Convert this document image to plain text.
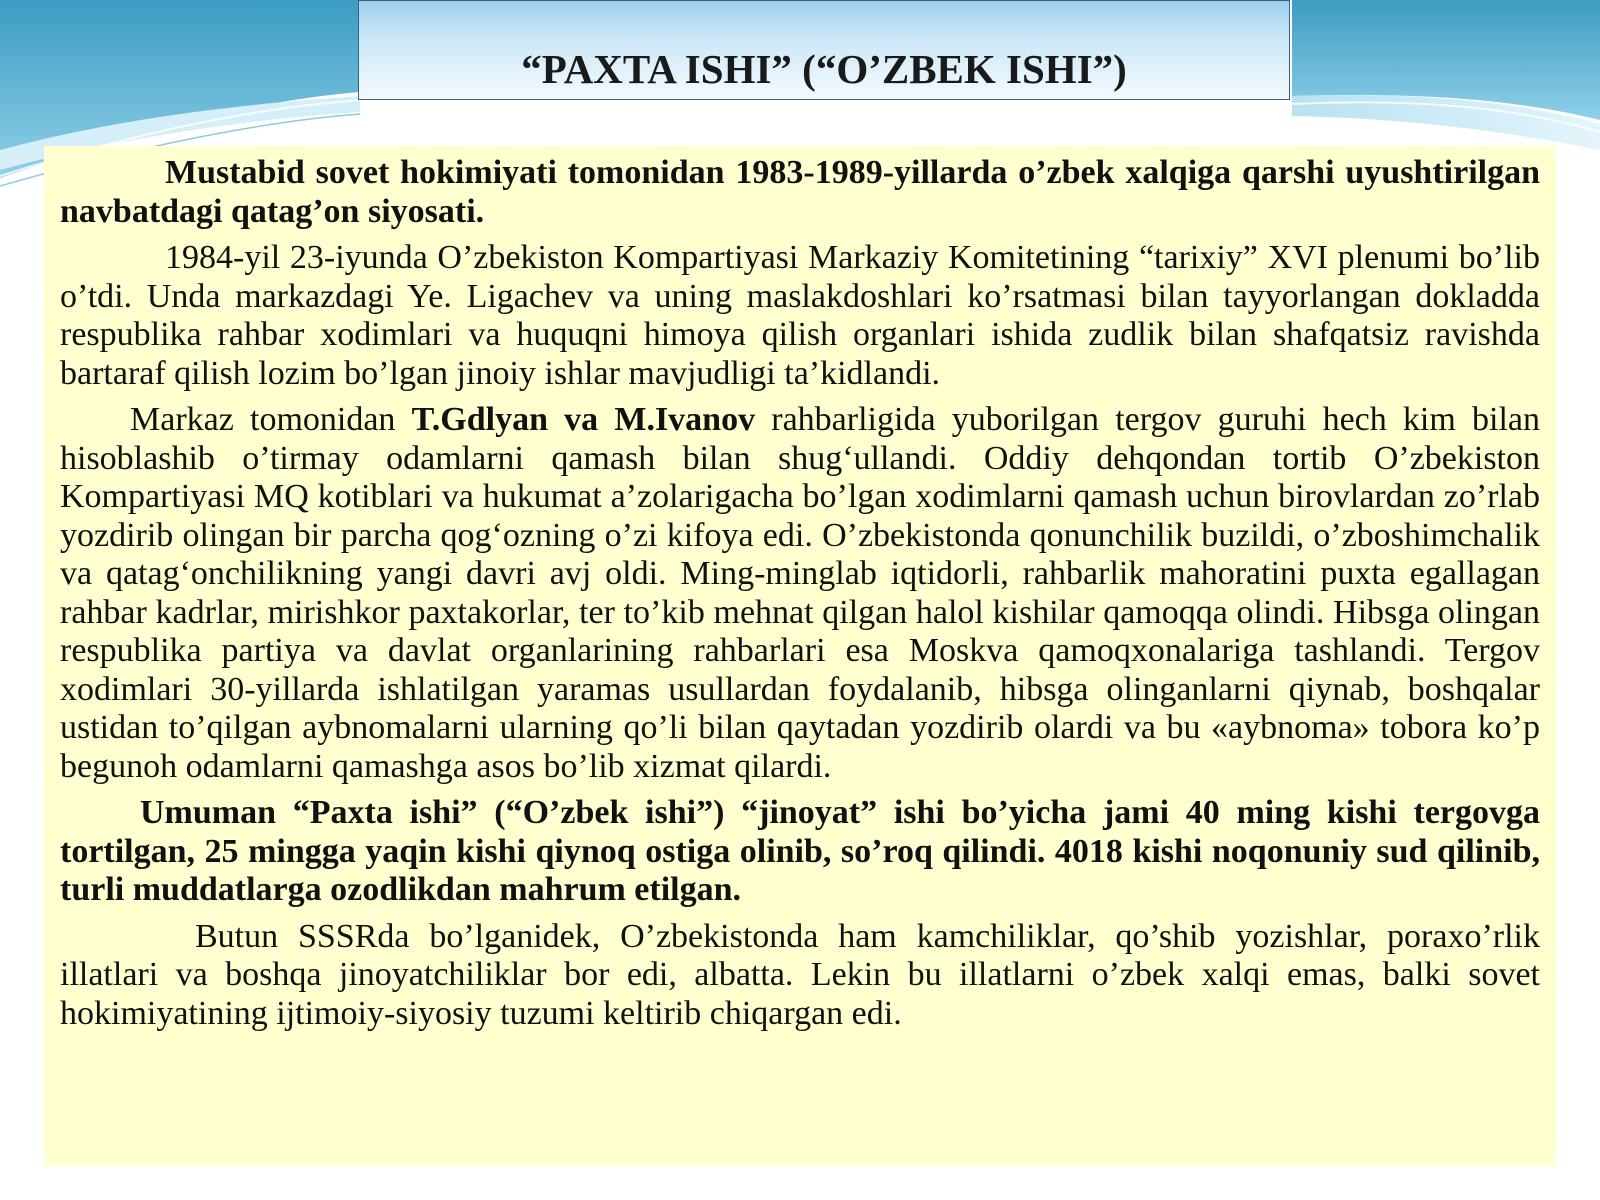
“PAXTA ISHI” (“O’ZBEK ISHI”)

Mustabid sovet hokimiyati tomonidan 1983-1989-yillarda o’zbek xalqiga qarshi uyushtirilgan navbatdagi qatag’on siyosati.

1984-yil 23-iyunda O’zbekiston Kompartiyasi Markaziy Komitetining “tarixiy” XVI plenumi bo’lib o’tdi. Unda markazdagi Ye. Ligachev va uning maslakdoshlari ko’rsatmasi bilan tayyorlangan dokladda respublika rahbar xodimlari va huquqni himoya qilish organlari ishida zudlik bilan shafqatsiz ravishda bartaraf qilish lozim bo’lgan jinoiy ishlar mavjudligi ta’kidlandi.

Markaz tomonidan T.Gdlyan va M.Ivanov rahbarligida yuborilgan tergov guruhi hech kim bilan hisoblashib o’tirmay odamlarni qamash bilan shug‘ullandi. Oddiy dehqondan tortib O’zbekiston Kompartiyasi MQ kotiblari va hukumat a’zolarigacha bo’lgan xodimlarni qamash uchun birovlardan zo’rlab yozdirib olingan bir parcha qog‘ozning o’zi kifoya edi. O’zbekistonda qonunchilik buzildi, o’zboshimchalik va qatag‘onchilikning yangi davri avj oldi. Ming-minglab iqtidorli, rahbarlik mahoratini puxta egallagan rahbar kadrlar, mirishkor paxtakorlar, ter to’kib mehnat qilgan halol kishilar qamoqqa olindi. Hibsga olingan respublika partiya va davlat organlarining rahbarlari esa Moskva qamoqxonalariga tashlandi. Tergov xodimlari 30-yillarda ishlatilgan yaramas usullardan foydalanib, hibsga olinganlarni qiynab, boshqalar ustidan to’qilgan aybnomalarni ularning qo’li bilan qaytadan yozdirib olardi va bu «aybnoma» tobora ko’p begunoh odamlarni qamashga asos bo’lib xizmat qilardi.

Umuman “Paxta ishi” (“O’zbek ishi”) “jinoyat” ishi bo’yicha jami 40 ming kishi tergovga tortilgan, 25 mingga yaqin kishi qiynoq ostiga olinib, so’roq qilindi. 4018 kishi noqonuniy sud qilinib, turli muddatlarga ozodlikdan mahrum etilgan.

Butun SSSRda bo’lganidek, O’zbekistonda ham kamchiliklar, qo’shib yozishlar, poraxo’rlik illatlari va boshqa jinoyatchiliklar bor edi, albatta. Lekin bu illatlarni o’zbek xalqi emas, balki sovet hokimiyatining ijtimoiy-siyosiy tuzumi keltirib chiqargan edi.
